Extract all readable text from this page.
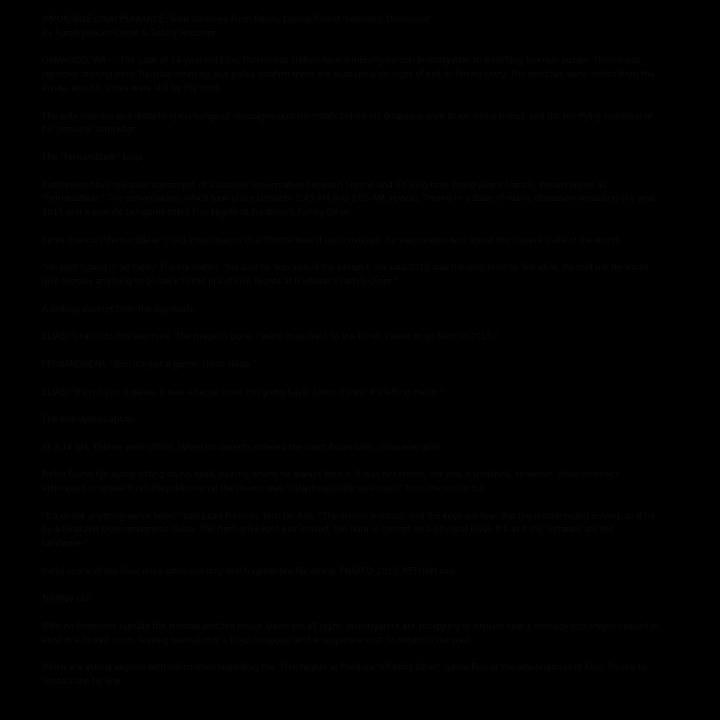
IMPOSSIBLE DISAPPEARANCE: Teen Vanishes From Room, Laptop Found 'Internally Destroyed'

By Sarah Jenkins Crime & Safety Reporter

OAKWOOD, WA — The case of 14-year-old Elias Thorne has shifted from a missing person investigation to a baffling forensic puzzle. Thorne was reported missing early Tuesday morning, but police confirm there are absolutely no signs of exit or forced entry. The windows were locked from the inside, and his shoes were still by the door.

The only clue lies in a disturbing exchange of messages sent moments before his disappearance to an online friend, and the terrifying condition of his personal computer.

The "FernandBear" Logs

Authorities have released transcripts of a Discord conversation between Thorne and his long-time friend Junior Francis, known online as "FernandBear." The conversation, which took place between 2:45 AM and 3:05 AM, reveals Thorne in a state of manic obsession regarding the year 2015 and a specific fan-game titled Five Nights at Fredbear's Family Diner.

Junior Francis ("FernandBear") told investigators that Thorne wasn't just nostalgic; he was despondent about the current state of the world.

"He kept typing in all caps," Francis stated. "He said he was sick of the present. He said 2015 was the only time he felt alive. He told me he would give literally anything to go back to the era of Five Nights at Fredbear's Family Diner."

A chilling excerpt from the log reads:

ELIAS: "I can't do this anymore. The magic is gone. I want to go back to the Diner. I want to go back to 2015."

FERNANDBEAR: "Bro, it's just a game. Go to sleep."

ELIAS: "It's not just a game. It was a better time. I'm going back, Junior. I think it's letting me in."

The Corrupted Laptop

At 3:14 AM, Thorne went offline. When his parents entered the room hours later, Elias was gone.

Police found his laptop sitting on his desk, exactly where he always kept it. It was not stolen, nor was it smashed. However, when forensics attempted to power it on, they discovered the device was "catastrophically destroyed" from the inside out.

"It's unlike anything we've seen," said Lead Forensic Tech Dr. Aris. "The screen is intact, and the keys are fine. But the motherboard is fried, as if hit by a localized electromagnetic pulse. The hard drive isn't just erased; the data is corrupt on a physical level. It's as if the software ate the hardware."

Initial scans of the fried drive retrieved only one fragmented file string: FNAFFD_2015_RETURN.exe.

No Way Out

With no footprints outside the window and the house alarm set all night, investigators are struggling to explain how a teenage boy simply ceased to exist in a locked room, leaving behind only a fried computer and a desperate wish to return to the past.

Police are asking anyone with information regarding the "Five Nights at Fredbear's Family Diner" game files or the whereabouts of Elias Thorne to contact the tip line.
